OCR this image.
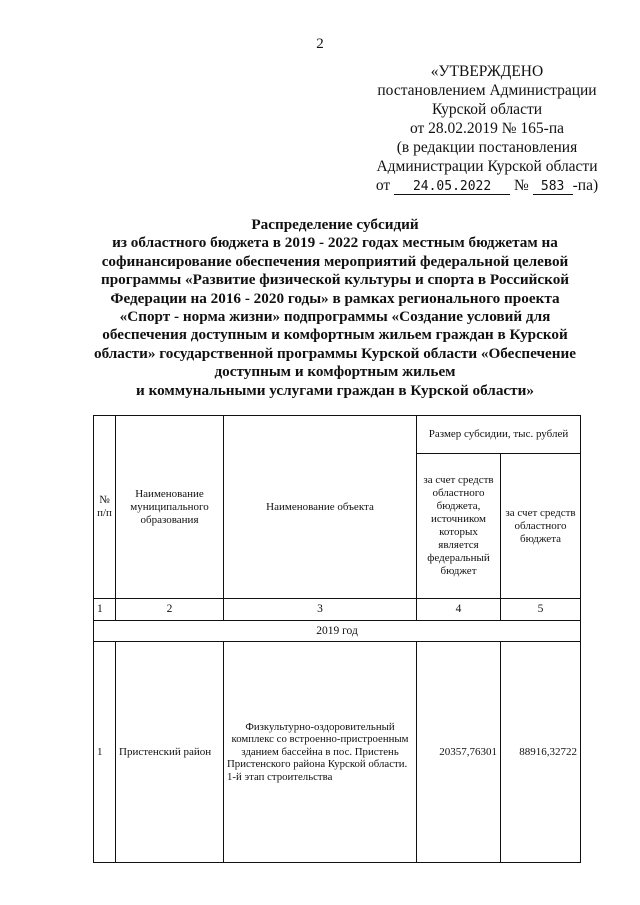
2
«УТВЕРЖДЕНО
постановлением Администрации
Курской области
от 28.02.2019 № 165-па
(в редакции постановления
Администрации Курской области
от 24.05.2022 № 583 -па)
Распределение субсидий
из областного бюджета в 2019 - 2022 годах местным бюджетам на
софинансирование обеспечения мероприятий федеральной целевой
программы «Развитие физической культуры и спорта в Российской
Федерации на 2016 - 2020 годы» в рамках регионального проекта
«Спорт - норма жизни» подпрограммы «Создание условий для
обеспечения доступным и комфортным жильем граждан в Курской
области» государственной программы Курской области «Обеспечение
доступным и комфортным жильем
и коммунальными услугами граждан в Курской области»
№ п/п	Наименование муниципального образования	Наименование объекта	Размер субсидии, тыс. рублей	
			за счет средств областного бюджета, источником которых является федеральный бюджет	за счет средств областного бюджета
1	2	3	4	5
2019 год				
1	Пристенский район	Физкультурно-оздоровительный комплекс со встроенно-пристроенным зданием бассейна в пос. Пристень Пристенского района Курской области.
1-й этап строительства	20357,76301	88916,32722
